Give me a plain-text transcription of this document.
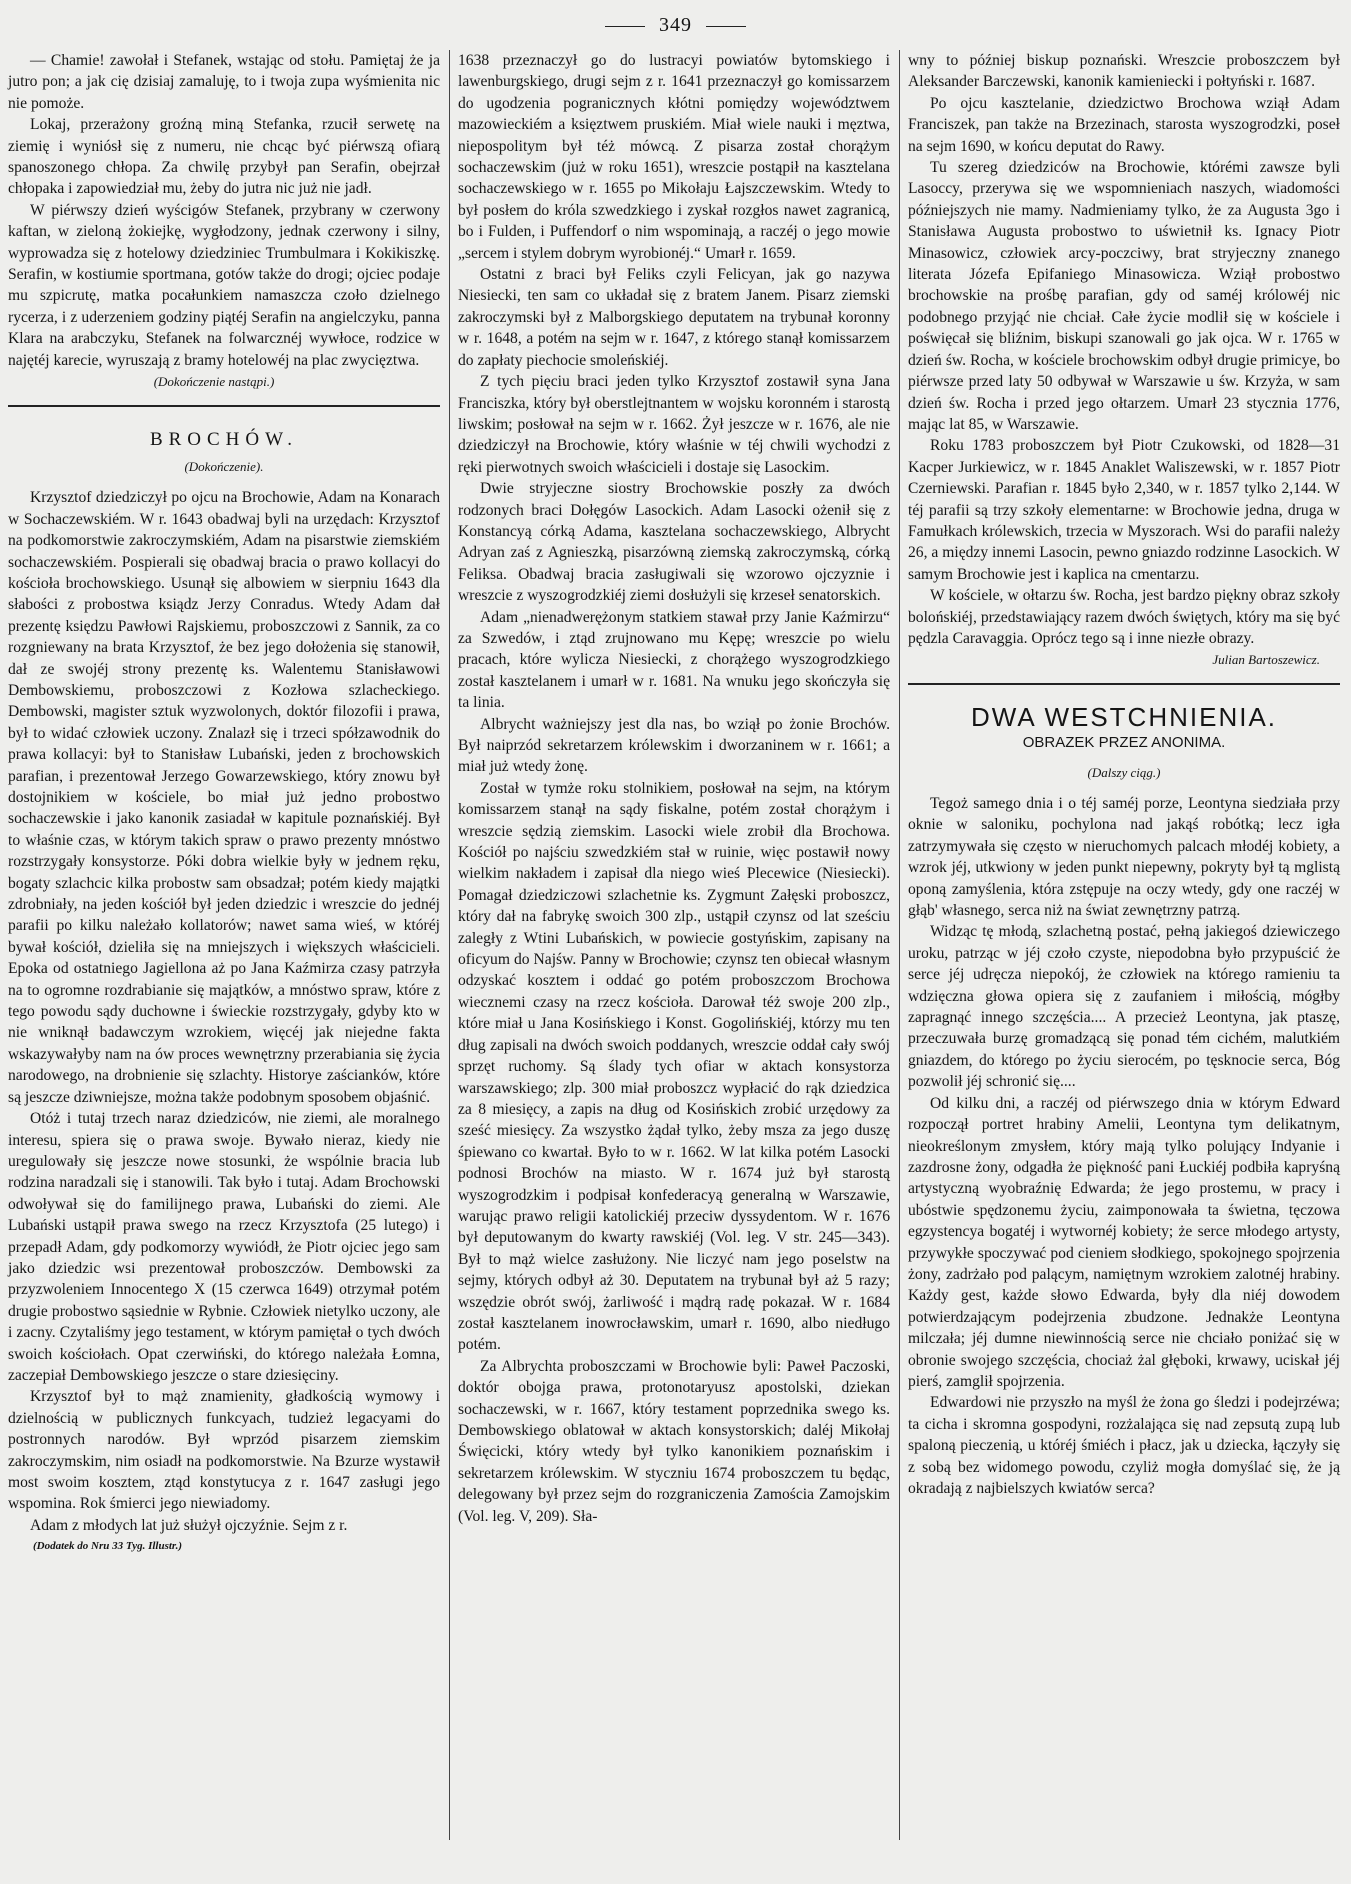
349

— Chamie! zawołał i Stefanek, wstając od stołu. Pamiętaj że ja jutro pon; a jak cię dzisiaj zamaluję, to i twoja zupa wyśmienita nic nie pomoże.

Lokaj, przerażony groźną miną Stefanka, rzucił serwetę na ziemię i wyniósł się z numeru, nie chcąc być piérwszą ofiarą spanoszonego chłopa. Za chwilę przybył pan Serafin, obejrzał chłopaka i zapowiedział mu, żeby do jutra nic już nie jadł.

W piérwszy dzień wyścigów Stefanek, przybrany w czerwony kaftan, w zieloną żokiejkę, wygłodzony, jednak czerwony i silny, wyprowadza się z hotelowy dziedziniec Trumbulmara i Kokikiszkę. Serafin, w kostiumie sportmana, gotów także do drogi; ojciec podaje mu szpicrutę, matka pocałunkiem namaszcza czoło dzielnego rycerza, i z uderzeniem godziny piątéj Serafin na angielczyku, panna Klara na arabczyku, Stefanek na folwarcznéj wywłoce, rodzice w najętéj karecie, wyruszają z bramy hotelowéj na plac zwycięztwa.

(Dokończenie nastąpi.)
BROCHÓW.
(Dokończenie).

Krzysztof dziedziczył po ojcu na Brochowie, Adam na Konarach w Sochaczewskiém. W r. 1643 obadwaj byli na urzędach: Krzysztof na podkomorstwie zakroczymskiém, Adam na pisarstwie ziemskiém sochaczewskiém. Pospierali się obadwaj bracia o prawo kollacyi do kościoła brochowskiego. Usunął się albowiem w sierpniu 1643 dla słabości z probostwa ksiądz Jerzy Conradus. Wtedy Adam dał prezentę księdzu Pawłowi Rajskiemu, proboszczowi z Sannik, za co rozgniewany na brata Krzysztof, że bez jego dołożenia się stanowił, dał ze swojéj strony prezentę ks. Walentemu Stanisławowi Dembowskiemu, proboszczowi z Kozłowa szlacheckiego. Dembowski, magister sztuk wyzwolonych, doktór filozofii i prawa, był to widać człowiek uczony. Znalazł się i trzeci spółzawodnik do prawa kollacyi: był to Stanisław Lubański, jeden z brochowskich parafian, i prezentował Jerzego Gowarzewskiego, który znowu był dostojnikiem w kościele, bo miał już jedno probostwo sochaczewskie i jako kanonik zasiadał w kapitule poznańskiéj. Był to właśnie czas, w którym takich spraw o prawo prezenty mnóstwo rozstrzygały konsystorze. Póki dobra wielkie były w jednem ręku, bogaty szlachcic kilka probostw sam obsadzał; potém kiedy majątki zdrobniały, na jeden kościół był jeden dziedzic i wreszcie do jednéj parafii po kilku należało kollatorów; nawet sama wieś, w któréj bywał kościół, dzieliła się na mniejszych i większych właścicieli. Epoka od ostatniego Jagiellona aż po Jana Kaźmirza czasy patrzyła na to ogromne rozdrabianie się majątków, a mnóstwo spraw, które z tego powodu sądy duchowne i świeckie rozstrzygały, gdyby kto w nie wniknął badawczym wzrokiem, więcéj jak niejedne fakta wskazywałyby nam na ów proces wewnętrzny przerabiania się życia narodowego, na drobnienie się szlachty. Historye zaścianków, które są jeszcze dziwniejsze, można także podobnym sposobem objaśnić.

Otóż i tutaj trzech naraz dziedziców, nie ziemi, ale moralnego interesu, spiera się o prawa swoje. Bywało nieraz, kiedy nie uregulowały się jeszcze nowe stosunki, że wspólnie bracia lub rodzina naradzali się i stanowili. Tak było i tutaj. Adam Brochowski odwoływał się do familijnego prawa, Lubański do ziemi. Ale Lubański ustąpił prawa swego na rzecz Krzysztofa (25 lutego) i przepadł Adam, gdy podkomorzy wywiódł, że Piotr ojciec jego sam jako dziedzic wsi prezentował proboszczów. Dembowski za przyzwoleniem Innocentego X (15 czerwca 1649) otrzymał potém drugie probostwo sąsiednie w Rybnie. Człowiek nietylko uczony, ale i zacny. Czytaliśmy jego testament, w którym pamiętał o tych dwóch swoich kościołach. Opat czerwiński, do którego należała Łomna, zaczepiał Dembowskiego jeszcze o stare dziesięciny.

Krzysztof był to mąż znamienity, gładkością wymowy i dzielnością w publicznych funkcyach, tudzież legacyami do postronnych narodów. Był wprzód pisarzem ziemskim zakroczymskim, nim osiadł na podkomorstwie. Na Bzurze wystawił most swoim kosztem, ztąd konstytucya z r. 1647 zasługi jego wspomina. Rok śmierci jego niewiadomy.

Adam z młodych lat już służył ojczyźnie. Sejm z r.

(Dodatek do Nru 33 Tyg. Illustr.)

1638 przeznaczył go do lustracyi powiatów bytomskiego i lawenburgskiego, drugi sejm z r. 1641 przeznaczył go komissarzem do ugodzenia pogranicznych kłótni pomiędzy województwem mazowieckiém a księztwem pruskiém. Miał wiele nauki i męztwa, niepospolitym był téż mówcą. Z pisarza został chorążym sochaczewskim (już w roku 1651), wreszcie postąpił na kasztelana sochaczewskiego w r. 1655 po Mikołaju Łajszczewskim. Wtedy to był posłem do króla szwedzkiego i zyskał rozgłos nawet zagranicą, bo i Fulden, i Puffendorf o nim wspominają, a raczéj o jego mowie „sercem i stylem dobrym wyrobionéj.“ Umarł r. 1659.

Ostatni z braci był Feliks czyli Felicyan, jak go nazywa Niesiecki, ten sam co układał się z bratem Janem. Pisarz ziemski zakroczymski był z Malborgskiego deputatem na trybunał koronny w r. 1648, a potém na sejm w r. 1647, z którego stanął komissarzem do zapłaty piechocie smoleńskiéj.

Z tych pięciu braci jeden tylko Krzysztof zostawił syna Jana Franciszka, który był oberstlejtnantem w wojsku koronném i starostą liwskim; posłował na sejm w r. 1662. Żył jeszcze w r. 1676, ale nie dziedziczył na Brochowie, który właśnie w téj chwili wychodzi z ręki pierwotnych swoich właścicieli i dostaje się Lasockim.

Dwie stryjeczne siostry Brochowskie poszły za dwóch rodzonych braci Dołęgów Lasockich. Adam Lasocki ożenił się z Konstancyą córką Adama, kasztelana sochaczewskiego, Albrycht Adryan zaś z Agnieszką, pisarzówną ziemską zakroczymską, córką Feliksa. Obadwaj bracia zasługiwali się wzorowo ojczyznie i wreszcie z wyszogrodzkiéj ziemi dosłużyli się krzeseł senatorskich.

Adam „nienadwerężonym statkiem stawał przy Janie Kaźmirzu“ za Szwedów, i ztąd zrujnowano mu Kępę; wreszcie po wielu pracach, które wylicza Niesiecki, z chorążego wyszogrodzkiego został kasztelanem i umarł w r. 1681. Na wnuku jego skończyła się ta linia.

Albrycht ważniejszy jest dla nas, bo wziął po żonie Brochów. Był naiprzód sekretarzem królewskim i dworzaninem w r. 1661; a miał już wtedy żonę.

Został w tymże roku stolnikiem, posłował na sejm, na którym komissarzem stanął na sądy fiskalne, potém został chorążym i wreszcie sędzią ziemskim. Lasocki wiele zrobił dla Brochowa. Kościół po najściu szwedzkiém stał w ruinie, więc postawił nowy wielkim nakładem i zapisał dla niego wieś Plecewice (Niesiecki). Pomagał dziedziczowi szlachetnie ks. Zygmunt Załęski proboszcz, który dał na fabrykę swoich 300 zlp., ustąpił czynsz od lat sześciu zaległy z Wtini Lubańskich, w powiecie gostyńskim, zapisany na oficyum do Najśw. Panny w Brochowie; czynsz ten obiecał własnym odzyskać kosztem i oddać go potém proboszczom Brochowa wiecznemi czasy na rzecz kościoła. Darował téż swoje 200 zlp., które miał u Jana Kosińskiego i Konst. Gogolińskiéj, którzy mu ten dług zapisali na dwóch swoich poddanych, wreszcie oddał cały swój sprzęt ruchomy. Są ślady tych ofiar w aktach konsystorza warszawskiego; zlp. 300 miał proboszcz wypłacić do rąk dziedzica za 8 miesięcy, a zapis na dług od Kosińskich zrobić urzędowy za sześć miesięcy. Za wszystko żądał tylko, żeby msza za jego duszę śpiewano co kwartał. Było to w r. 1662. W lat kilka potém Lasocki podnosi Brochów na miasto. W r. 1674 już był starostą wyszogrodzkim i podpisał konfederacyą generalną w Warszawie, warując prawo religii katolickiéj przeciw dyssydentom. W r. 1676 był deputowanym do kwarty rawskiéj (Vol. leg. V str. 245—343). Był to mąż wielce zasłużony. Nie liczyć nam jego poselstw na sejmy, których odbył aż 30. Deputatem na trybunał był aż 5 razy; wszędzie obrót swój, żarliwość i mądrą radę pokazał. W r. 1684 został kasztelanem inowrocławskim, umarł r. 1690, albo niedługo potém.

Za Albrychta proboszczami w Brochowie byli: Paweł Paczoski, doktór obojga prawa, protonotaryusz apostolski, dziekan sochaczewski, w r. 1667, który testament poprzednika swego ks. Dembowskiego oblatował w aktach konsystorskich; daléj Mikołaj Święcicki, który wtedy był tylko kanonikiem poznańskim i sekretarzem królewskim. W styczniu 1674 proboszczem tu będąc, delegowany był przez sejm do rozgraniczenia Zamościa Zamojskim (Vol. leg. V, 209). Sła-

wny to później biskup poznański. Wreszcie proboszczem był Aleksander Barczewski, kanonik kamieniecki i połtyński r. 1687.

Po ojcu kasztelanie, dziedzictwo Brochowa wziął Adam Franciszek, pan także na Brzezinach, starosta wyszogrodzki, poseł na sejm 1690, w końcu deputat do Rawy.

Tu szereg dziedziców na Brochowie, którémi zawsze byli Lasoccy, przerywa się we wspomnieniach naszych, wiadomości późniejszych nie mamy. Nadmieniamy tylko, że za Augusta 3go i Stanisława Augusta probostwo to uświetnił ks. Ignacy Piotr Minasowicz, człowiek arcy-poczciwy, brat stryjeczny znanego literata Józefa Epifaniego Minasowicza. Wziął probostwo brochowskie na prośbę parafian, gdy od saméj królowéj nic podobnego przyjąć nie chciał. Całe życie modlił się w kościele i poświęcał się bliźnim, biskupi szanowali go jak ojca. W r. 1765 w dzień św. Rocha, w kościele brochowskim odbył drugie primicye, bo piérwsze przed laty 50 odbywał w Warszawie u św. Krzyża, w sam dzień św. Rocha i przed jego ołtarzem. Umarł 23 stycznia 1776, mając lat 85, w Warszawie.

Roku 1783 proboszczem był Piotr Czukowski, od 1828—31 Kacper Jurkiewicz, w r. 1845 Anaklet Waliszewski, w r. 1857 Piotr Czerniewski. Parafian r. 1845 było 2,340, w r. 1857 tylko 2,144. W téj parafii są trzy szkoły elementarne: w Brochowie jedna, druga w Famułkach królewskich, trzecia w Myszorach. Wsi do parafii należy 26, a między innemi Lasocin, pewno gniazdo rodzinne Lasockich. W samym Brochowie jest i kaplica na cmentarzu.

W kościele, w ołtarzu św. Rocha, jest bardzo piękny obraz szkoły bolońskiéj, przedstawiający razem dwóch świętych, który ma się być pędzla Caravaggia. Oprócz tego są i inne niezłe obrazy.

Julian Bartoszewicz.
DWA WESTCHNIENIA.
OBRAZEK PRZEZ ANONIMA.
(Dalszy ciąg.)

Tegoż samego dnia i o téj saméj porze, Leontyna siedziała przy oknie w saloniku, pochylona nad jakąś robótką; lecz igła zatrzymywała się często w nieruchomych palcach młodéj kobiety, a wzrok jéj, utkwiony w jeden punkt niepewny, pokryty był tą mglistą oponą zamyślenia, która zstępuje na oczy wtedy, gdy one raczéj w głąb' własnego, serca niż na świat zewnętrzny patrzą.

Widząc tę młodą, szlachetną postać, pełną jakiegoś dziewiczego uroku, patrząc w jéj czoło czyste, niepodobna było przypuścić że serce jéj udręcza niepokój, że człowiek na którego ramieniu ta wdzięczna głowa opiera się z zaufaniem i miłością, mógłby zapragnąć innego szczęścia.... A przecież Leontyna, jak ptaszę, przeczuwała burzę gromadzącą się ponad tém cichém, malutkiém gniazdem, do którego po życiu sierocém, po tęsknocie serca, Bóg pozwolił jéj schronić się....

Od kilku dni, a raczéj od piérwszego dnia w którym Edward rozpoczął portret hrabiny Amelii, Leontyna tym delikatnym, nieokreślonym zmysłem, który mają tylko polujący Indyanie i zazdrosne żony, odgadła że piękność pani Łuckiéj podbiła kapryśną artystyczną wyobraźnię Edwarda; że jego prostemu, w pracy i ubóstwie spędzonemu życiu, zaimponowała ta świetna, tęczowa egzystencya bogatéj i wytwornéj kobiety; że serce młodego artysty, przywykłe spoczywać pod cieniem słodkiego, spokojnego spojrzenia żony, zadrżało pod palącym, namiętnym wzrokiem zalotnéj hrabiny. Każdy gest, każde słowo Edwarda, były dla niéj dowodem potwierdzającym podejrzenia zbudzone. Jednakże Leontyna milczała; jéj dumne niewinnością serce nie chciało poniżać się w obronie swojego szczęścia, chociaż żal głęboki, krwawy, uciskał jéj pierś, zamglił spojrzenia.

Edwardowi nie przyszło na myśl że żona go śledzi i podejrzéwa; ta cicha i skromna gospodyni, rozżalająca się nad zepsutą zupą lub spaloną pieczenią, u któréj śmiéch i płacz, jak u dziecka, łączyły się z sobą bez widomego powodu, czyliż mogła domyślać się, że ją okradają z najbielszych kwiatów serca?
